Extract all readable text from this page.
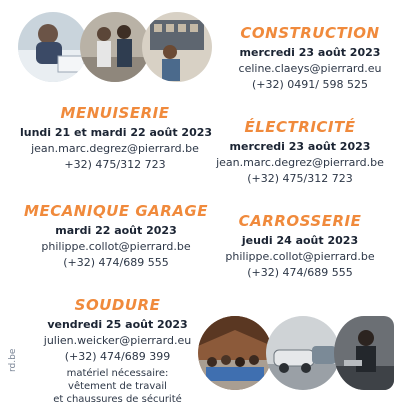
CONSTRUCTION
mercredi 23 août 2023
celine.claeys@pierrard.eu
(+32) 0491/ 598 525
MENUISERIE
lundi 21 et mardi 22 août 2023
jean.marc.degrez@pierrard.be
+32) 475/312 723
ÉLECTRICITÉ
mercredi 23 août 2023
jean.marc.degrez@pierrard.be
(+32) 475/312 723
MECANIQUE GARAGE
mardi 22 août 2023
philippe.collot@pierrard.be
(+32) 474/689 555
CARROSSERIE
jeudi 24 août 2023
philippe.collot@pierrard.be
(+32) 474/689 555
SOUDURE
vendredi 25 août 2023
julien.weicker@pierrard.eu
(+32) 474/689 399
matériel nécessaire:
vêtement de travail
et chaussures de sécurité
rd.be
